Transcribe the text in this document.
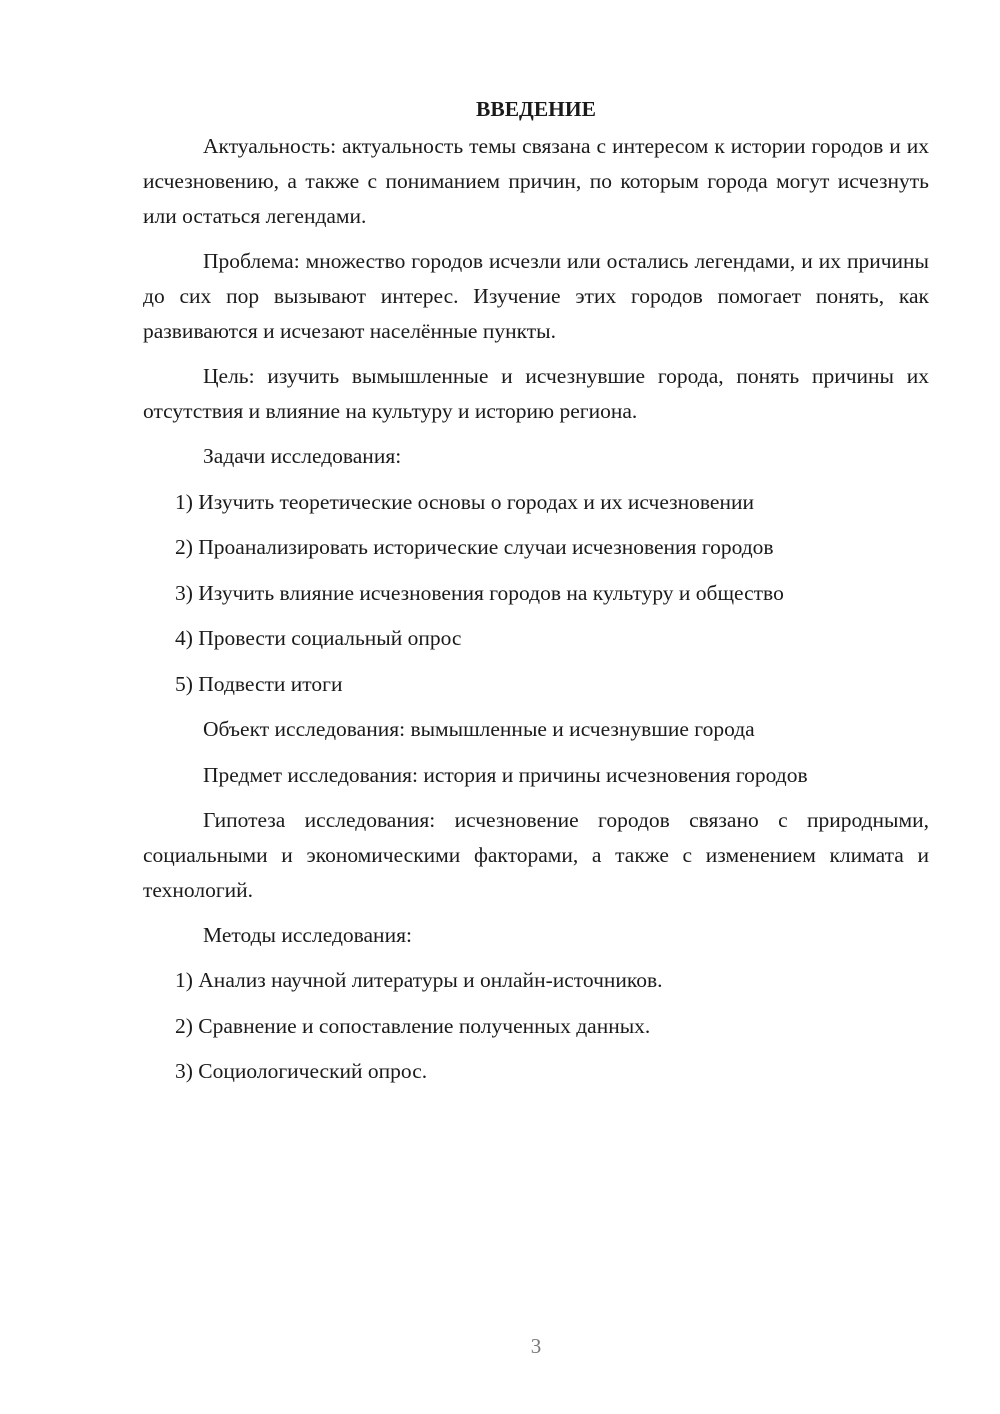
ВВЕДЕНИЕ

Актуальность: актуальность темы связана с интересом к истории городов и их исчезновению, а также с пониманием причин, по которым города могут исчезнуть или остаться легендами.

Проблема: множество городов исчезли или остались легендами, и их причины до сих пор вызывают интерес. Изучение этих городов помогает понять, как развиваются и исчезают населённые пункты.

Цель: изучить вымышленные и исчезнувшие города, понять причины их отсутствия и влияние на культуру и историю региона.

Задачи исследования:

1) Изучить теоретические основы о городах и их исчезновении

2) Проанализировать исторические случаи исчезновения городов

3) Изучить влияние исчезновения городов на культуру и общество

4) Провести социальный опрос

5) Подвести итоги

Объект исследования: вымышленные и исчезнувшие города

Предмет исследования: история и причины исчезновения городов

Гипотеза исследования: исчезновение городов связано с природными, социальными и экономическими факторами, а также с изменением климата и технологий.

Методы исследования:

1) Анализ научной литературы и онлайн-источников.

2) Сравнение и сопоставление полученных данных.

3) Социологический опрос.

3
